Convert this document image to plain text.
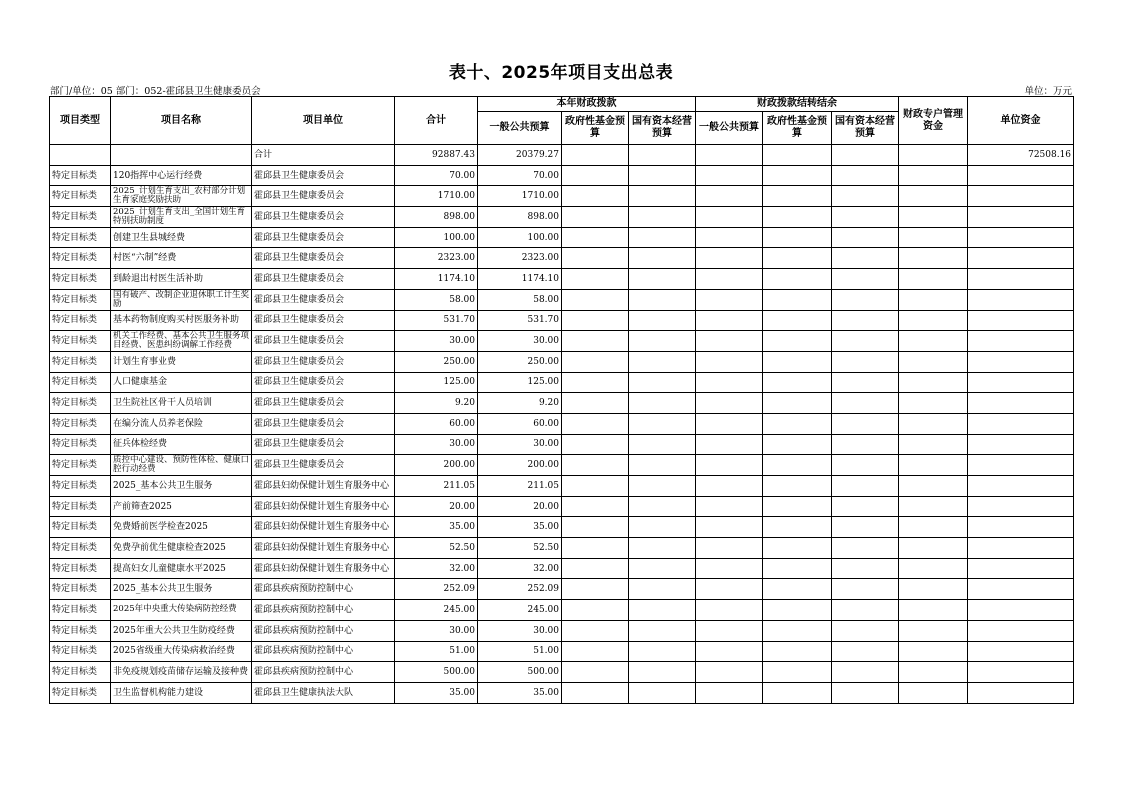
表十、2025年项目支出总表
部门/单位：05 部门：052-霍邱县卫生健康委员会	单位：万元
项目类型	项目名称	项目单位	合计	本年财政拨款			财政拨款结转结余			财政专户管理资金	单位资金
				一般公共预算	政府性基金预算	国有资本经营预算	一般公共预算	政府性基金预算	国有资本经营预算		
		合计	92887.43	20379.27							72508.16
特定目标类	120指挥中心运行经费	霍邱县卫生健康委员会	70.00	70.00							
特定目标类	2025_计划生育支出_农村部分计划生育家庭奖励扶助	霍邱县卫生健康委员会	1710.00	1710.00							
特定目标类	2025_计划生育支出_全国计划生育特别扶助制度	霍邱县卫生健康委员会	898.00	898.00							
特定目标类	创建卫生县城经费	霍邱县卫生健康委员会	100.00	100.00							
特定目标类	村医“六制”经费	霍邱县卫生健康委员会	2323.00	2323.00							
特定目标类	到龄退出村医生活补助	霍邱县卫生健康委员会	1174.10	1174.10							
特定目标类	国有破产、改制企业退休职工计生奖励	霍邱县卫生健康委员会	58.00	58.00							
特定目标类	基本药物制度购买村医服务补助	霍邱县卫生健康委员会	531.70	531.70							
特定目标类	机关工作经费、基本公共卫生服务项目经费、医患纠纷调解工作经费	霍邱县卫生健康委员会	30.00	30.00							
特定目标类	计划生育事业费	霍邱县卫生健康委员会	250.00	250.00							
特定目标类	人口健康基金	霍邱县卫生健康委员会	125.00	125.00							
特定目标类	卫生院社区骨干人员培训	霍邱县卫生健康委员会	9.20	9.20							
特定目标类	在编分流人员养老保险	霍邱县卫生健康委员会	60.00	60.00							
特定目标类	征兵体检经费	霍邱县卫生健康委员会	30.00	30.00							
特定目标类	质控中心建设、预防性体检、健康口腔行动经费	霍邱县卫生健康委员会	200.00	200.00							
特定目标类	2025_基本公共卫生服务	霍邱县妇幼保健计划生育服务中心	211.05	211.05							
特定目标类	产前筛查2025	霍邱县妇幼保健计划生育服务中心	20.00	20.00							
特定目标类	免费婚前医学检查2025	霍邱县妇幼保健计划生育服务中心	35.00	35.00							
特定目标类	免费孕前优生健康检查2025	霍邱县妇幼保健计划生育服务中心	52.50	52.50							
特定目标类	提高妇女儿童健康水平2025	霍邱县妇幼保健计划生育服务中心	32.00	32.00							
特定目标类	2025_基本公共卫生服务	霍邱县疾病预防控制中心	252.09	252.09							
特定目标类	2025年中央重大传染病防控经费	霍邱县疾病预防控制中心	245.00	245.00							
特定目标类	2025年重大公共卫生防疫经费	霍邱县疾病预防控制中心	30.00	30.00							
特定目标类	2025省级重大传染病救治经费	霍邱县疾病预防控制中心	51.00	51.00							
特定目标类	非免疫规划疫苗储存运输及接种费	霍邱县疾病预防控制中心	500.00	500.00							
特定目标类	卫生监督机构能力建设	霍邱县卫生健康执法大队	35.00	35.00							
